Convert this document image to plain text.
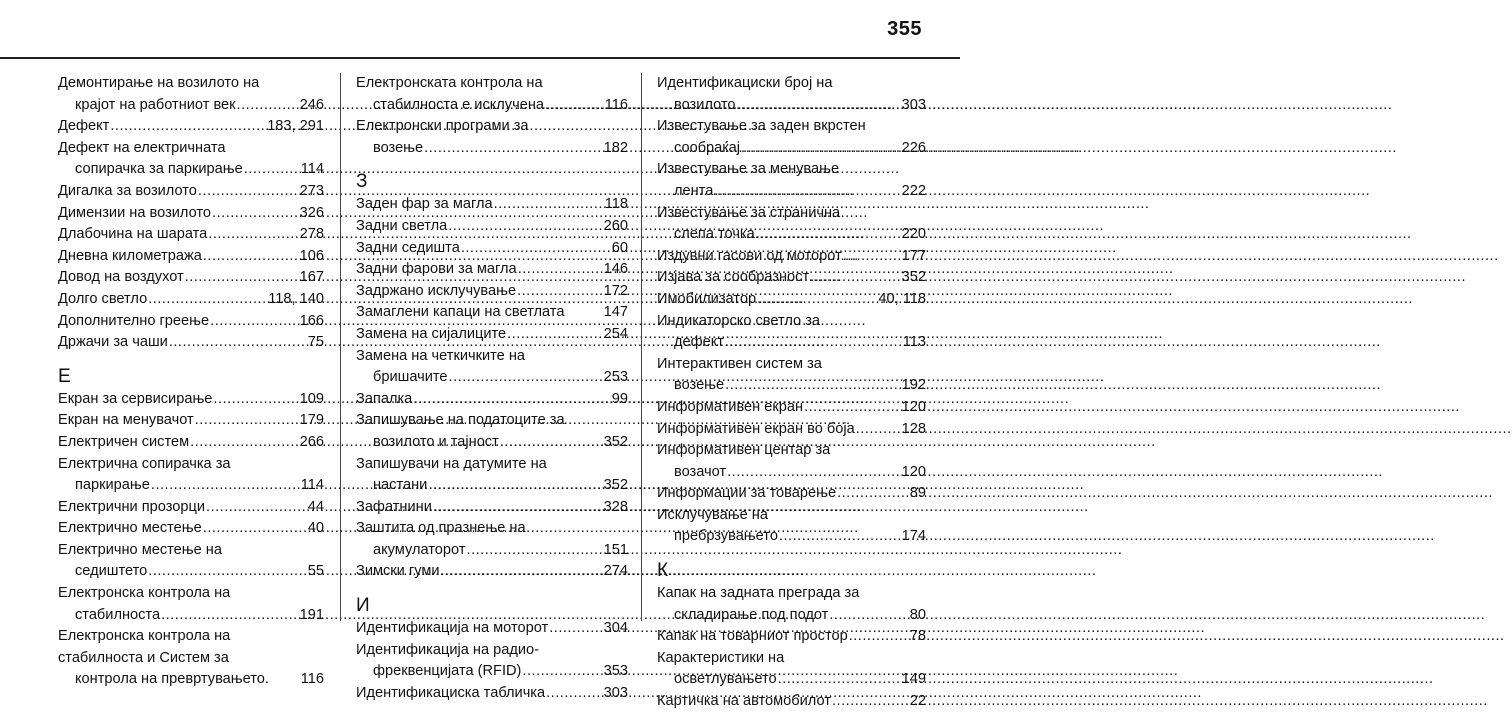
355
Демонтирање на возилото на
крајот на работниот век .....	246
Дефект .....	183, 291
Дефект на електричната
сопирачка за паркирање .....	114
Дигалка за возилото .....	273
Димензии на возилото .....	326
Длабочина на шарата .....	278
Дневна километража .....	106
Довод на воздухот .....	167
Долго светло .....	118, 140
Дополнително греење .....	166
Држачи за чаши .....	75
Е
Екран за сервисирање .....	109
Екран на менувачот .....	179
Електричен систем .....	266
Електрична сопирачка за
паркирање .....	114
Електрични прозорци .....	44
Електрично местење .....	40
Електрично местење на
седиштето .....	55
Електронска контрола на
стабилноста .....	191
Електронска контрола на
стабилноста и Систем за
контрола на превртувањето. 116
Електронската контрола на
стабилноста е исклучена .....	116
Електронски програми за
возење .....	182
З
Заден фар за магла .....	118
Задни светла .....	260
Задни седишта .....	60
Задни фарови за магла .....	146
Задржано исклучување .....	172
Замаглени капаци на светлата	147
Замена на сијалиците .....	254
Замена на четкичките на
бришачите .....	253
Запалка .....	99
Запишување на податоците за
возилото и тајност .....	352
Запишувачи на датумите на
настани .....	352
Зафатнини .....	328
Заштита од празнење на
акумулаторот .....	151
Зимски гуми .....	274
И
Идентификација на моторот .....	304
Идентификација на радио-
фреквенцијата (RFID) .....	353
Идентификациска табличка .....	303
Идентификациски број на
возилото .....	303
Известување за заден вкрстен
сообраќај .....	226
Известување за менување
лента .....	222
Известување за странична
слепа точка .....	220
Издувни гасови од моторот .....	177
Изјава за сообразност .....	352
Имобилизатор .....	40, 118
Индикаторско светло за
дефект .....	113
Интерактивен систем за
возење .....	192
Информативен екран .....	120
Информативен екран во боја .....	128
Информативен центар за
возачот .....	120
Информации за товарење .....	89
Исклучување на
пребрзувањето .....	174
К
Капак на задната преграда за
складирање под подот .....	80
Капак на товарниот простор .....	78
Карактеристики на
осветлувањето .....	149
Картичка на автомобилот .....	22
